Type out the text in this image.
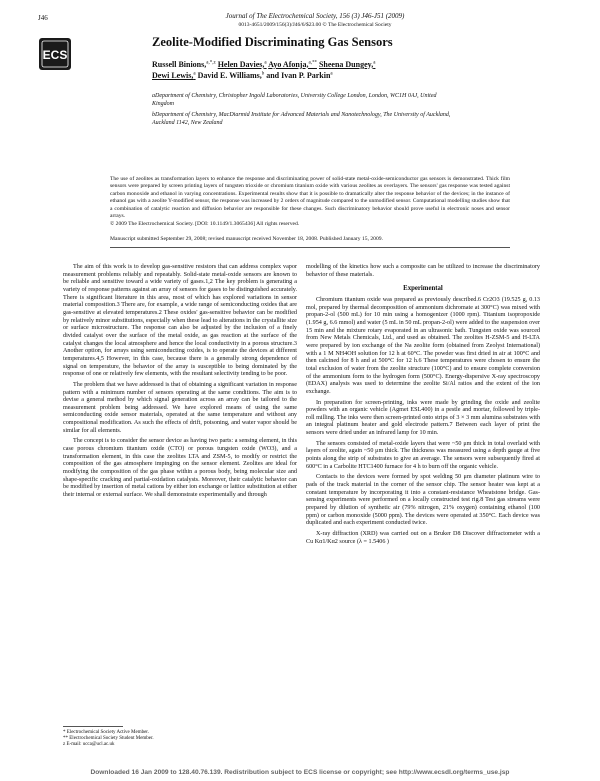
J46	Journal of The Electrochemical Society, 156 (3) J46-J51 (2009)
0013-4651/2009/156(3)/J46/6/$23.00 © The Electrochemical Society
ECS
Zeolite-Modified Discriminating Gas Sensors
Russell Binions,$^{a,*,z}$ Helen Davies,$^a$ Ayo Afonja,$^{a,**}$ Sheena Dungey,$^a$
Dewi Lewis,$^a$ David E. Williams,$^b$ and Ivan P. Parkin$^a$
aDepartment of Chemistry, Christopher Ingold Laboratories, University College London, London, WC1H 0AJ, United Kingdom
bDepartment of Chemistry, MacDiarmid Institute for Advanced Materials and Nanotechnology, The University of Auckland, Auckland 1142, New Zealand
The use of zeolites as transformation layers to enhance the response and discriminating power of solid-state metal-oxide-semiconductor gas sensors is demonstrated. Thick film sensors were prepared by screen printing layers of tungsten trioxide or chromium titanium oxide with various zeolites as overlayers. The sensors' gas response was tested against carbon monoxide and ethanol in varying concentrations. Experimental results show that it is possible to dramatically alter the response behavior of the devices; in the instance of ethanol gas with a zeolite Y-modified sensor, the response was increased by 2 orders of magnitude compared to the unmodified sensor. Computational modelling studies show that a combination of catalytic reaction and diffusion behavior are responsible for these changes. Such discriminatory behavior should prove useful in electronic noses and sensor arrays.
© 2009 The Electrochemical Society. [DOI: 10.1149/1.3065436] All rights reserved.
Manuscript submitted September 29, 2008; revised manuscript received November 18, 2008. Published January 15, 2009.

The aim of this work is to develop gas-sensitive resistors that can address complex vapor measurement problems reliably and repeatably. Solid-state metal-oxide sensors are known to be reliable and sensitive toward a wide variety of gases.1,2 The key problem is generating a variety of response patterns against an array of sensors for gases to be distinguished accurately. There is significant literature in this area, most of which has explored variations in sensor material composition.3 There are, for example, a wide range of semiconducting oxides that are gas-sensitive at elevated temperatures.2 These oxides' gas-sensitive behavior can be modified by relatively minor substitutions, especially when these lead to alterations in the crystallite size or surface microstructure. The response can also be adjusted by the inclusion of a finely divided catalyst over the surface of the metal oxide, as gas reaction at the surface of the catalyst changes the local atmosphere and hence the local conductivity in a porous structure.3 Another option, for arrays using semiconducting oxides, is to operate the devices at different temperatures.4,5 However, in this case, because there is a generally strong dependence of signal on temperature, the behavior of the array is susceptible to being dominated by the response of one or relatively few elements, with the resultant selectivity tending to be poor.

The problem that we have addressed is that of obtaining a significant variation in response pattern with a minimum number of sensors operating at the same conditions. The aim is to devise a general method by which signal generation across an array can be tailored to the measurement problem being addressed. We have explored means of using the same semiconducting oxide sensor materials, operated at the same temperature and without any compositional modification. As such the effects of drift, poisoning, and water vapor should be similar for all elements.

The concept is to consider the sensor device as having two parts: a sensing element, in this case porous chromium titanium oxide (CTO) or porous tungsten oxide (WO3), and a transformation element, in this case the zeolites LTA and ZSM-5, to modify or restrict the composition of the gas atmosphere impinging on the sensor element. Zeolites are ideal for modifying the composition of the gas phase within a porous body, being molecular size and shape-specific cracking and partial-oxidation catalysts. Moreover, their catalytic behavior can be modified by insertion of metal cations by either ion exchange or lattice substitution at either their internal or external surface. We shall demonstrate experimentally and through

* Electrochemical Society Active Member.
** Electrochemical Society Student Member.
z E-mail: ucca@ucl.ac.uk

modelling of the kinetics how such a composite can be utilized to increase the discriminatory behavior of these materials.

Experimental

Chromium titanium oxide was prepared as previously described.6 Cr2O3 (19.525 g, 0.13 mol, prepared by thermal decomposition of ammonium dichromate at 300°C) was mixed with propan-2-ol (500 mL) for 10 min using a homogenizer (1000 rpm). Titanium isopropoxide (1.954 g, 6.6 mmol) and water (5 mL in 50 mL propan-2-ol) were added to the suspension over 15 min and the mixture rotary evaporated in an ultrasonic bath. Tungsten oxide was sourced from New Metals Chemicals, Ltd., and used as obtained. The zeolites H-ZSM-5 and H-LTA were prepared by ion exchange of the Na zeolite form (obtained from Zeolyst International) with a 1 M NH4OH solution for 12 h at 60°C. The powder was first dried in air at 100°C and then calcined for 8 h and at 500°C for 12 h.6 These temperatures were chosen to ensure the total exclusion of water from the zeolite structure (100°C) and to ensure complete conversion of the ammonium form to the hydrogen form (500°C). Energy-dispersive X-ray spectroscopy (EDAX) analysis was used to determine the zeolite Si/Al ratios and the extent of the ion exchange.

In preparation for screen-printing, inks were made by grinding the oxide and zeolite powders with an organic vehicle (Agmet ESL400) in a pestle and mortar, followed by triple-roll milling. The inks were then screen-printed onto strips of 3 × 3 mm alumina substrates with an integral platinum heater and gold electrode pattern.7 Between each layer of print the sensors were dried under an infrared lamp for 10 min.

The sensors consisted of metal-oxide layers that were ~50 μm thick in total overlaid with layers of zeolite, again ~50 μm thick. The thickness was measured using a depth gauge at five points along the strip of substrates to give an average. The sensors were subsequently fired at 600°C in a Carbolite HTC1400 furnace for 4 h to burn off the organic vehicle.

Contacts to the devices were formed by spot welding 50 μm diameter platinum wire to pads of the track material in the corner of the sensor chip. The sensor heater was kept at a constant temperature by incorporating it into a constant-resistance Wheatstone bridge. Gas-sensing experiments were performed on a locally constructed test rig.8 Test gas streams were prepared by dilution of synthetic air (79% nitrogen, 21% oxygen) containing ethanol (100 ppm) or carbon monoxide (5000 ppm). The devices were operated at 350°C. Each device was duplicated and each experiment conducted twice.

X-ray diffraction (XRD) was carried out on a Bruker D8 Discover diffractometer with a Cu Kα1/Kα2 source (λ = 1.5406 )

Downloaded 16 Jan 2009 to 128.40.76.139. Redistribution subject to ECS license or copyright; see http://www.ecsdl.org/terms_use.jsp
